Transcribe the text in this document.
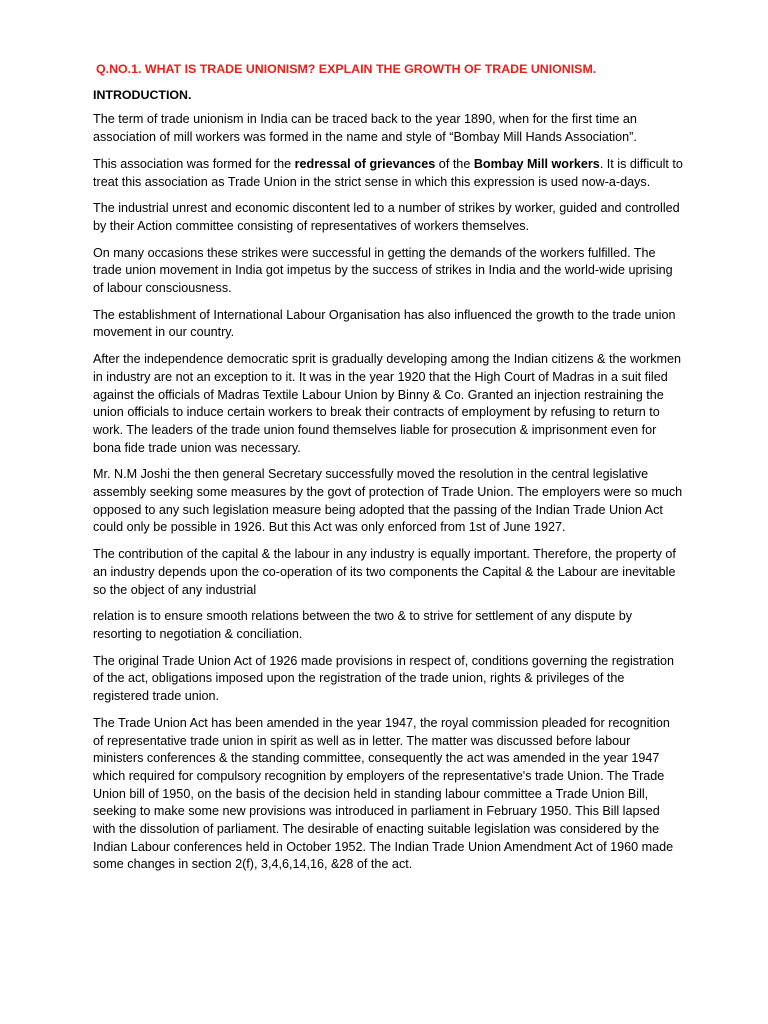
Q.NO.1. WHAT IS TRADE UNIONISM? EXPLAIN THE GROWTH OF TRADE UNIONISM.
INTRODUCTION.

The term of trade unionism in India can be traced back to the year 1890, when for the first time an association of mill workers was formed in the name and style of “Bombay Mill Hands Association”.

This association was formed for the redressal of grievances of the Bombay Mill workers. It is difficult to treat this association as Trade Union in the strict sense in which this expression is used now-a-days.

The industrial unrest and economic discontent led to a number of strikes by worker, guided and controlled by their Action committee consisting of representatives of workers themselves.

On many occasions these strikes were successful in getting the demands of the workers fulfilled. The trade union movement in India got impetus by the success of strikes in India and the world-wide uprising of labour consciousness.

The establishment of International Labour Organisation has also influenced the growth to the trade union movement in our country.

After the independence democratic sprit is gradually developing among the Indian citizens & the workmen in industry are not an exception to it. It was in the year 1920 that the High Court of Madras in a suit filed against the officials of Madras Textile Labour Union by Binny & Co. Granted an injection restraining the union officials to induce certain workers to break their contracts of employment by refusing to return to work. The leaders of the trade union found themselves liable for prosecution & imprisonment even for bona fide trade union was necessary.

Mr. N.M Joshi the then general Secretary successfully moved the resolution in the central legislative assembly seeking some measures by the govt of protection of Trade Union. The employers were so much opposed to any such legislation measure being adopted that the passing of the Indian Trade Union Act could only be possible in 1926. But this Act was only enforced from 1st of June 1927.

The contribution of the capital & the labour in any industry is equally important. Therefore, the property of an industry depends upon the co-operation of its two components the Capital & the Labour are inevitable so the object of any industrial

relation is to ensure smooth relations between the two & to strive for settlement of any dispute by resorting to negotiation & conciliation.

The original Trade Union Act of 1926 made provisions in respect of, conditions governing the registration of the act, obligations imposed upon the registration of the trade union, rights & privileges of the registered trade union.

The Trade Union Act has been amended in the year 1947, the royal commission pleaded for recognition of representative trade union in spirit as well as in letter. The matter was discussed before labour ministers conferences & the standing committee, consequently the act was amended in the year 1947 which required for compulsory recognition by employers of the representative's trade Union. The Trade Union bill of 1950, on the basis of the decision held in standing labour committee a Trade Union Bill, seeking to make some new provisions was introduced in parliament in February 1950. This Bill lapsed with the dissolution of parliament. The desirable of enacting suitable legislation was considered by the Indian Labour conferences held in October 1952. The Indian Trade Union Amendment Act of 1960 made some changes in section 2(f), 3,4,6,14,16, &28 of the act.
